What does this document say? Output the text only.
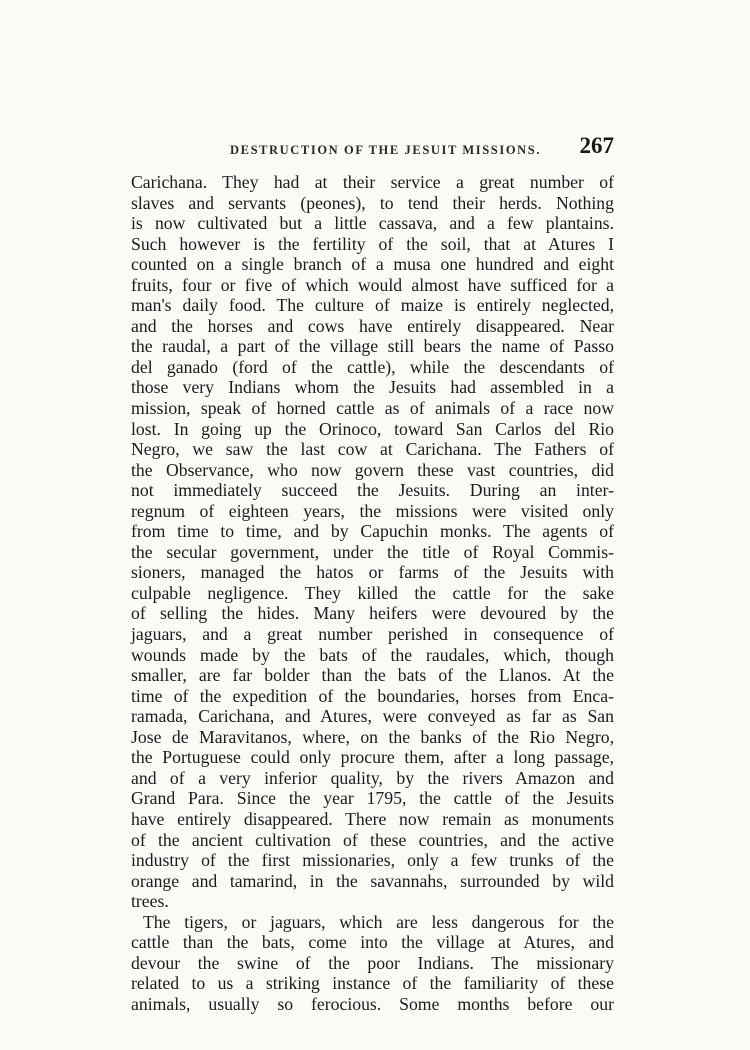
DESTRUCTION OF THE JESUIT MISSIONS. 267
Carichana. They had at their service a great number of
slaves and servants (peones), to tend their herds. Nothing
is now cultivated but a little cassava, and a few plantains.
Such however is the fertility of the soil, that at Atures I
counted on a single branch of a musa one hundred and eight
fruits, four or five of which would almost have sufficed for a
man's daily food. The culture of maize is entirely neglected,
and the horses and cows have entirely disappeared. Near
the raudal, a part of the village still bears the name of Passo
del ganado (ford of the cattle), while the descendants of
those very Indians whom the Jesuits had assembled in a
mission, speak of horned cattle as of animals of a race now
lost. In going up the Orinoco, toward San Carlos del Rio
Negro, we saw the last cow at Carichana. The Fathers of
the Observance, who now govern these vast countries, did
not immediately succeed the Jesuits. During an inter-
regnum of eighteen years, the missions were visited only
from time to time, and by Capuchin monks. The agents of
the secular government, under the title of Royal Commis-
sioners, managed the hatos or farms of the Jesuits with
culpable negligence. They killed the cattle for the sake
of selling the hides. Many heifers were devoured by the
jaguars, and a great number perished in consequence of
wounds made by the bats of the raudales, which, though
smaller, are far bolder than the bats of the Llanos. At the
time of the expedition of the boundaries, horses from Enca-
ramada, Carichana, and Atures, were conveyed as far as San
Jose de Maravitanos, where, on the banks of the Rio Negro,
the Portuguese could only procure them, after a long passage,
and of a very inferior quality, by the rivers Amazon and
Grand Para. Since the year 1795, the cattle of the Jesuits
have entirely disappeared. There now remain as monuments
of the ancient cultivation of these countries, and the active
industry of the first missionaries, only a few trunks of the
orange and tamarind, in the savannahs, surrounded by wild
trees.
The tigers, or jaguars, which are less dangerous for the
cattle than the bats, come into the village at Atures, and
devour the swine of the poor Indians. The missionary
related to us a striking instance of the familiarity of these
animals, usually so ferocious. Some months before our
